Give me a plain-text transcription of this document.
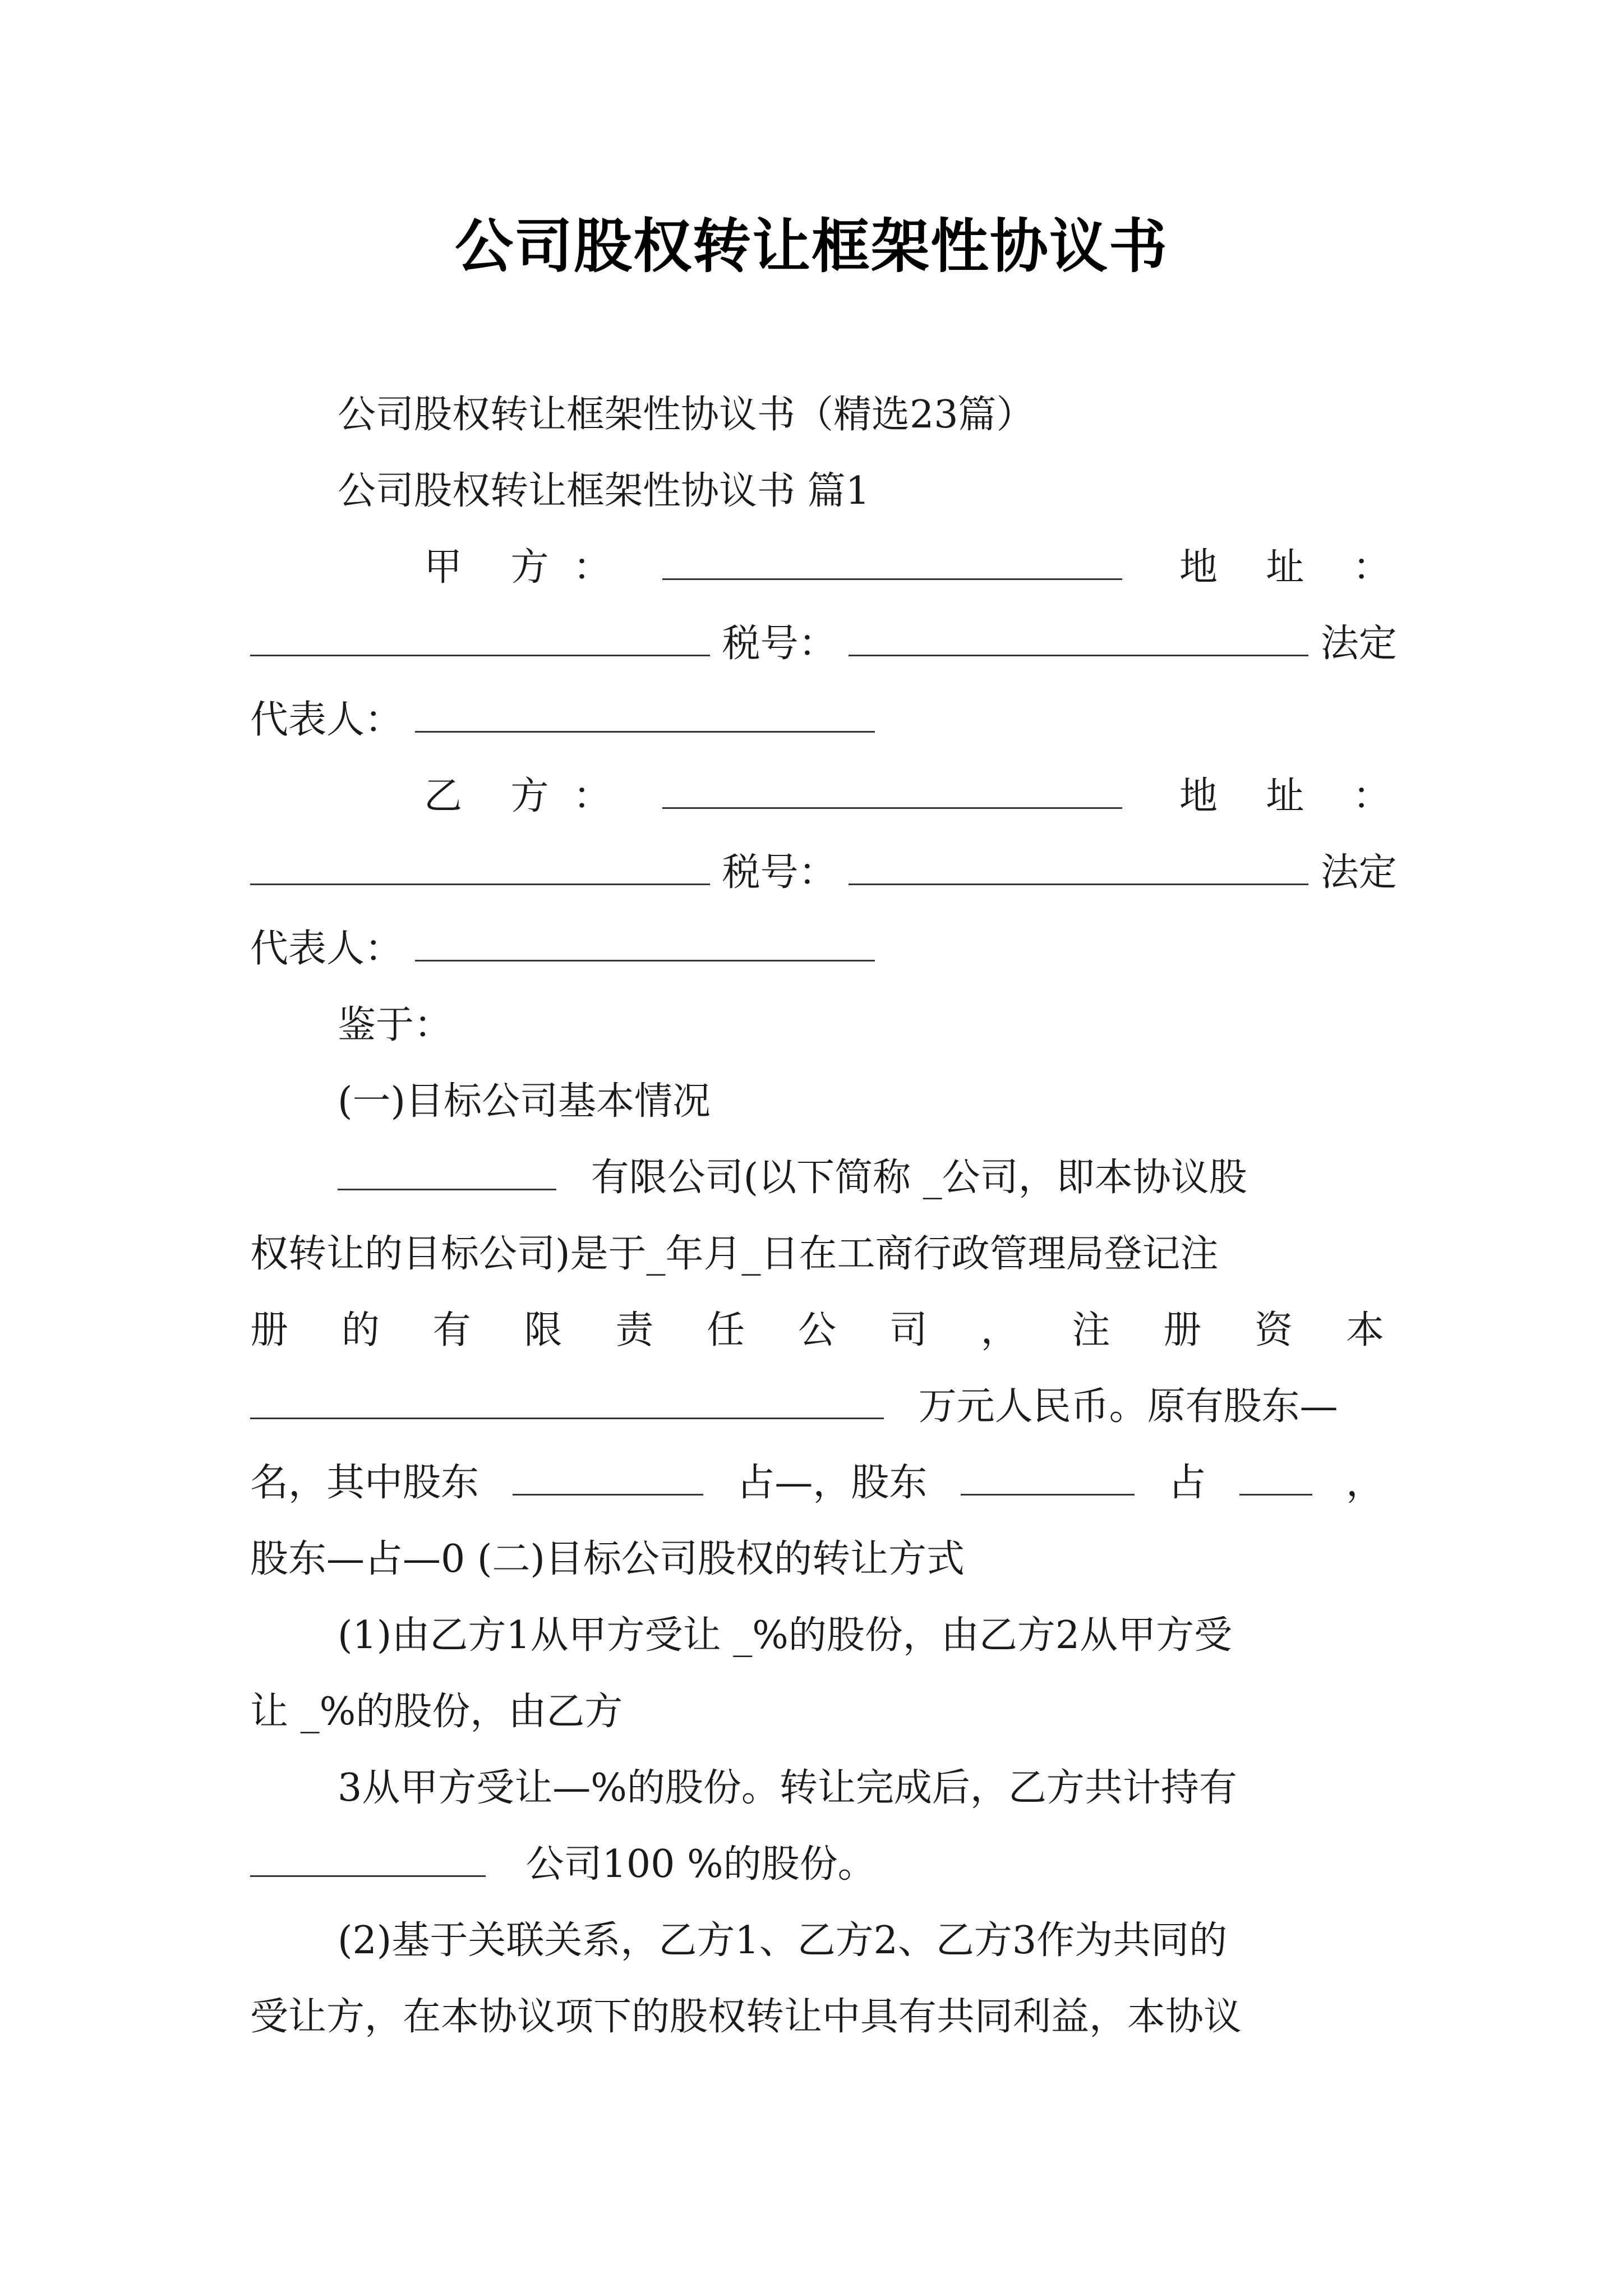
公司股权转让框架性协议书
公司股权转让框架性协议书（精选23篇）
公司股权转让框架性协议书 篇1
甲    方  ：	地    址    ：
税号：	法定
代表人：
乙    方  ：	地    址    ：
税号：	法定
代表人：
鉴于：
(一)目标公司基本情况
有限公司(以下简称 _公司，即本协议股
权转让的目标公司)是于_年月_日在工商行政管理局登记注
册 的 有 限 责 任 公 司 ， 注 册 资 本
万元人民币。原有股东—
名，其中股东	占—，股东	占	，
股东—占—0 (二)目标公司股权的转让方式
(1)由乙方1从甲方受让 _%的股份，由乙方2从甲方受
让 _%的股份，由乙方
3从甲方受让—%的股份。转让完成后，乙方共计持有
公司100 %的股份。
(2)基于关联关系，乙方1、乙方2、乙方3作为共同的
受让方，在本协议项下的股权转让中具有共同利益，本协议
